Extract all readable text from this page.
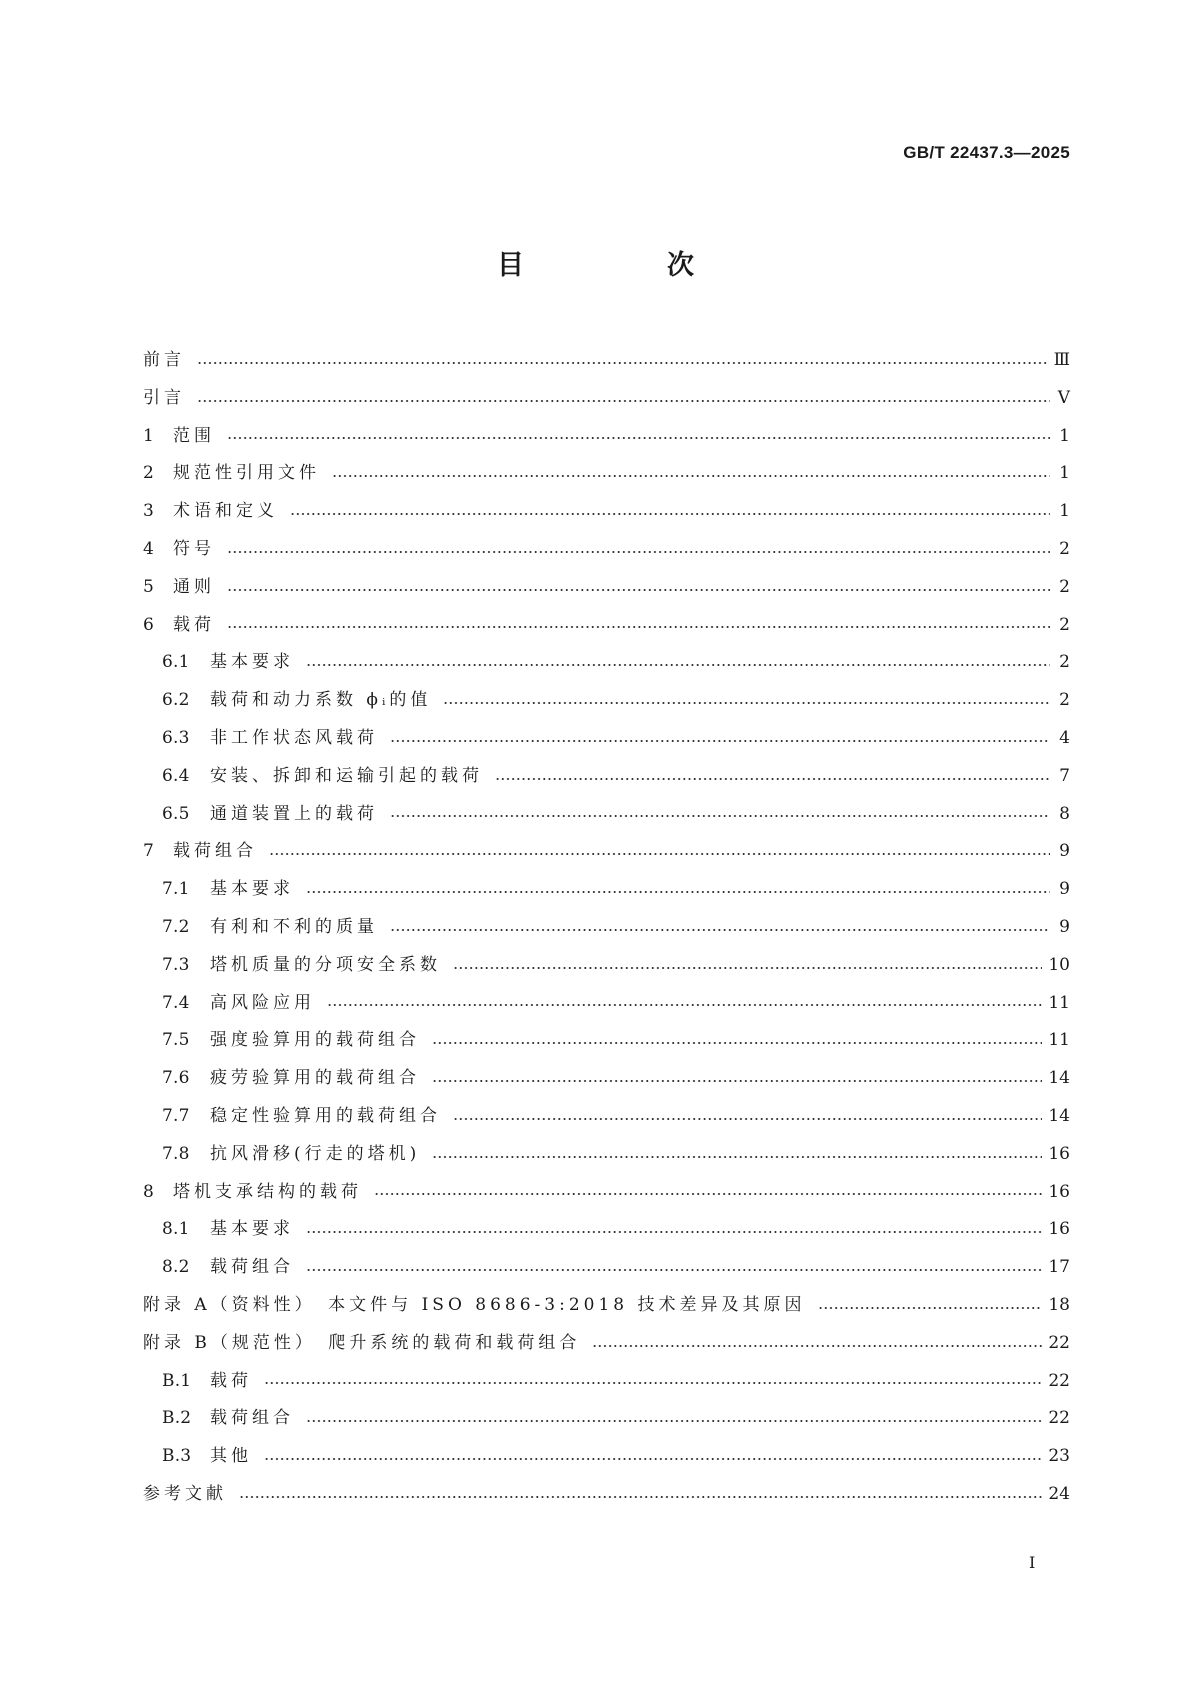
GB/T 22437.3—2025
目　次
前言	Ⅲ
引言	Ⅴ
1	范围	1
2	规范性引用文件	1
3	术语和定义	1
4	符号	2
5	通则	2
6	载荷	2
6.1	基本要求	2
6.2	载荷和动力系数 ϕᵢ的值	2
6.3	非工作状态风载荷	4
6.4	安装、拆卸和运输引起的载荷	7
6.5	通道装置上的载荷	8
7	载荷组合	9
7.1	基本要求	9
7.2	有利和不利的质量	9
7.3	塔机质量的分项安全系数	10
7.4	高风险应用	11
7.5	强度验算用的载荷组合	11
7.6	疲劳验算用的载荷组合	14
7.7	稳定性验算用的载荷组合	14
7.8	抗风滑移(行走的塔机)	16
8	塔机支承结构的载荷	16
8.1	基本要求	16
8.2	载荷组合	17
附录 A（资料性）　本文件与 ISO 8686-3:2018 技术差异及其原因	18
附录 B（规范性）　爬升系统的载荷和载荷组合	22
B.1	载荷	22
B.2	载荷组合	22
B.3	其他	23
参考文献	24
I
